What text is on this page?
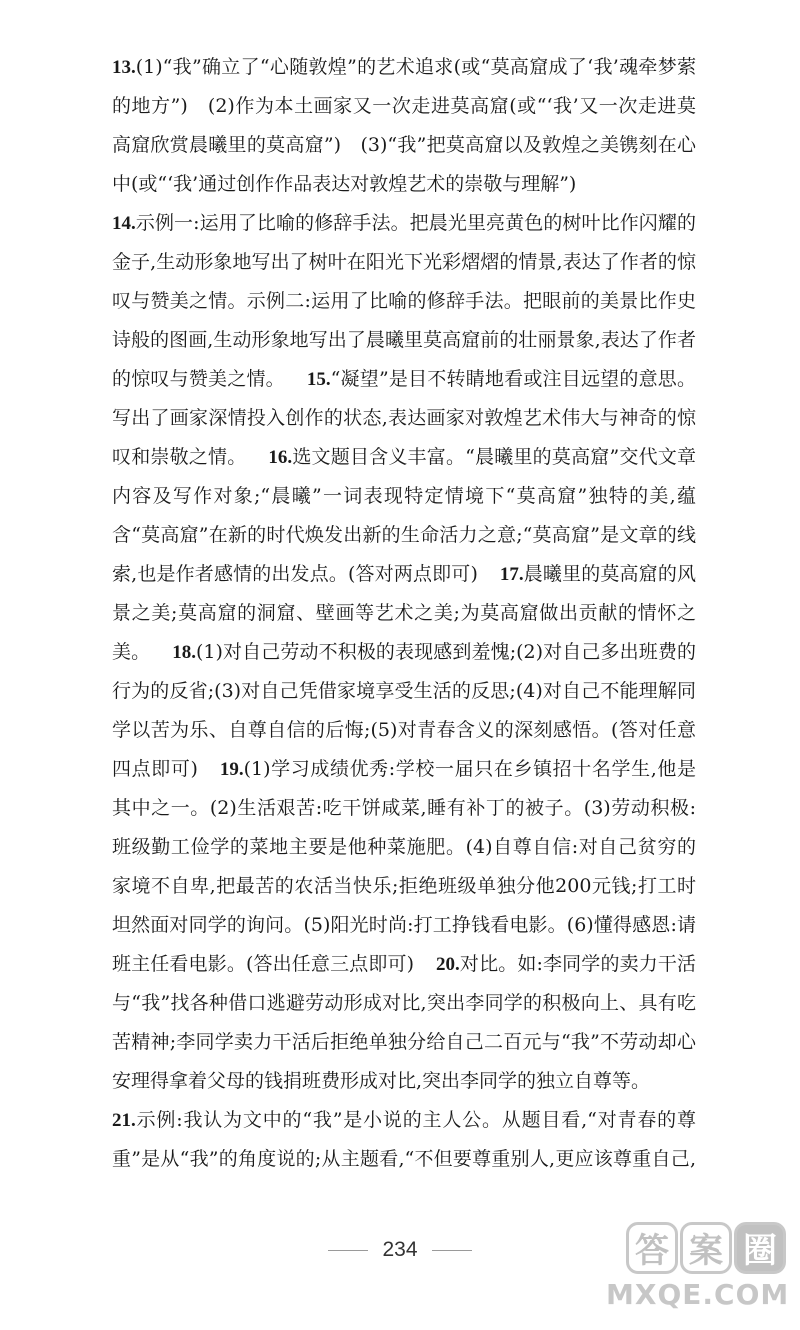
13.(1)“我”确立了“心随敦煌”的艺术追求(或“莫高窟成了‘我’魂牵梦萦的地方”)　(2)作为本土画家又一次走进莫高窟(或“‘我’又一次走进莫高窟欣赏晨曦里的莫高窟”)　(3)“我”把莫高窟以及敦煌之美镌刻在心中(或“‘我’通过创作作品表达对敦煌艺术的崇敬与理解”)
14.示例一:运用了比喻的修辞手法。把晨光里亮黄色的树叶比作闪耀的金子,生动形象地写出了树叶在阳光下光彩熠熠的情景,表达了作者的惊叹与赞美之情。示例二:运用了比喻的修辞手法。把眼前的美景比作史诗般的图画,生动形象地写出了晨曦里莫高窟前的壮丽景象,表达了作者的惊叹与赞美之情。 15.“凝望”是目不转睛地看或注目远望的意思。写出了画家深情投入创作的状态,表达画家对敦煌艺术伟大与神奇的惊叹和崇敬之情。 16.选文题目含义丰富。“晨曦里的莫高窟”交代文章内容及写作对象;“晨曦”一词表现特定情境下“莫高窟”独特的美,蕴含“莫高窟”在新的时代焕发出新的生命活力之意;“莫高窟”是文章的线索,也是作者感情的出发点。(答对两点即可) 17.晨曦里的莫高窟的风景之美;莫高窟的洞窟、壁画等艺术之美;为莫高窟做出贡献的情怀之美。 18.(1)对自己劳动不积极的表现感到羞愧;(2)对自己多出班费的行为的反省;(3)对自己凭借家境享受生活的反思;(4)对自己不能理解同学以苦为乐、自尊自信的后悔;(5)对青春含义的深刻感悟。(答对任意四点即可) 19.(1)学习成绩优秀:学校一届只在乡镇招十名学生,他是其中之一。(2)生活艰苦:吃干饼咸菜,睡有补丁的被子。(3)劳动积极:班级勤工俭学的菜地主要是他种菜施肥。(4)自尊自信:对自己贫穷的家境不自卑,把最苦的农活当快乐;拒绝班级单独分他200元钱;打工时坦然面对同学的询问。(5)阳光时尚:打工挣钱看电影。(6)懂得感恩:请班主任看电影。(答出任意三点即可) 20.对比。如:李同学的卖力干活与“我”找各种借口逃避劳动形成对比,突出李同学的积极向上、具有吃苦精神;李同学卖力干活后拒绝单独分给自己二百元与“我”不劳动却心安理得拿着父母的钱捐班费形成对比,突出李同学的独立自尊等。
21.示例:我认为文中的“我”是小说的主人公。从题目看,“对青春的尊重”是从“我”的角度说的;从主题看,“不但要尊重别人,更应该尊重自己,
234	答 案 圈
MXQE.COM
